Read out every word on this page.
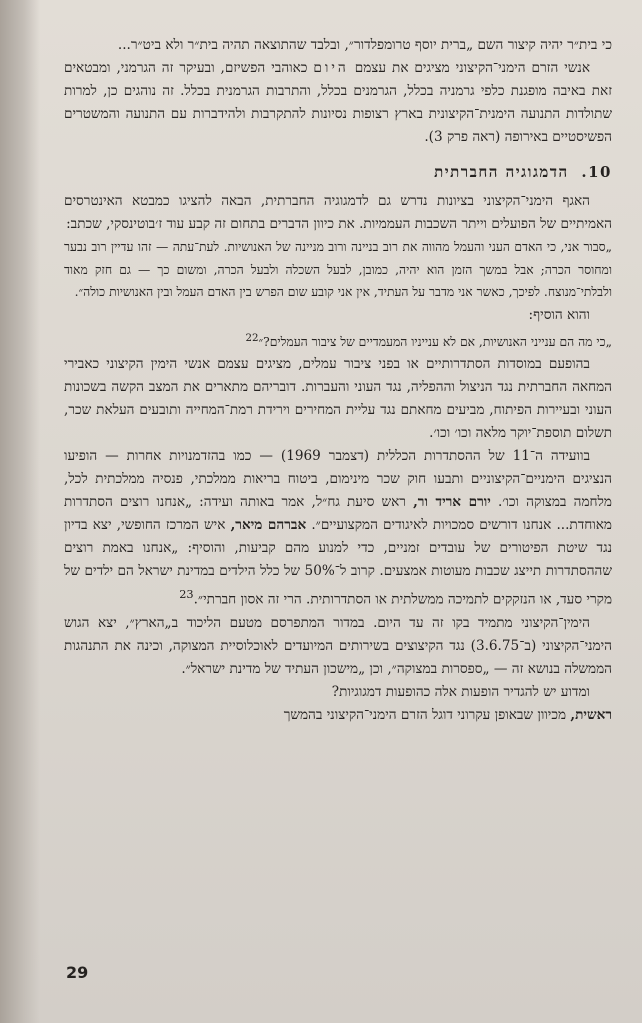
כי בית״ר יהיה קיצור השם „ברית יוסף טרומפלדור״, ובלבד שהתוצאה תהיה בית״ר ולא ביט״ר...

אנשי הזרם הימני־הקיצוני מציגים את עצמם היום כאוהבי הפשיזם, ובעיקר זה הגרמני, ומבטאים זאת באיבה מופגנת כלפי גרמניה בכלל, הגרמנים בכלל, והתרבות הגרמנית בכלל. זה נוהגים כן, למרות שתולדות התנועה הימנית־הקיצונית בארץ רצופות נסיונות להתקרבות ולהידברות עם התנועה והמשטרים הפשיסטיים באירופה (ראה פרק 3).

10. הדמגוגיה החברתית

האגף הימני־הקיצוני בציונות נדרש גם לדמגוגיה החברתית, הבאה להציגו כמבטא האינטרסים האמיתיים של הפועלים וייתר השכבות העממיות. את כיוון הדברים בתחום זה קבע עוד ז׳בוטינסקי, שכתב:

„סבור אני, כי האדם העני והעמל מהווה את רוב בניינה ורוב מניינה של האנושיות. לעת־עתה — זהו עדיין רוב נבער ומחוסר הכרה; אבל במשך הזמן הוא יהיה, כמובן, לבעל השכלה ולבעל הכרה, ומשום כך — גם חזק מאוד ולבלתי־מנוצח. לפיכך, כאשר אני מדבר על העתיד, אין אני קובע שום הפרש בין האדם העמל ובין האנושיות כולה״.

והוא הוסיף:

„כי מה הם ענייני האנושיות, אם לא ענייניו המעמדיים של ציבור העמלים?״$^{22}$

בהופעם במוסדות הסתדרותיים או בפני ציבור עמלים, מציגים עצמם אנשי הימין הקיצוני כאבירי המחאה החברתית נגד הניצול וההפליה, נגד העוני והעברות. דובריהם מתארים את המצב הקשה בשכונות העוני ובעיירות הפיתוח, מביעים מחאתם נגד עליית המחירים וירידת רמת־המחייה ותובעים העלאת שכר, תשלום תוספת־יוקר מלאה וכו׳ וכו׳.

בוועידה ה־11 של ההסתדרות הכללית (דצמבר 1969) — כמו בהזדמנויות אחרות — הופיעו הנציגים הימניים־הקיצוניים ותבעו חוק שכר מינימום, ביטוח בריאות ממלכתי, פנסיה ממלכתית לכל, מלחמה במצוקה וכו׳. יורם אריד ור, ראש סיעת גח״ל, אמר באותה ועידה: „אנחנו רוצים הסתדרות מאוחדת... אנחנו דורשים סמכויות לאיגודים המקצועיים״. אברהם מיאר, איש המרכז החופשי, יצא בדיון נגד שיטת הפיטורים של עובדים זמניים, כדי למנוע מהם קביעות, והוסיף: „אנחנו באמת רוצים שההסתדרות תייצג שכבות מעוטות אמצעים. קרוב ל־50% של כלל הילדים במדינת ישראל הם ילדים של מקרי סעד, או הנזקקים לתמיכה ממשלתית או הסתדרותית. הרי זה אסון חברתי״.$^{23}$

הימין־הקיצוני מתמיד בקו זה עד היום. במדור המתפרסם מטעם הליכוד ב„הארץ״, יצא הגוש הימני־הקיצוני (ב־3.6.75) נגד הקיצוצים בשירותים המיועדים לאוכלוסיית המצוקה, וכינה את התנהגות הממשלה בנושא זה — „ספסרות במצוקה״, וכן „מישכון העתיד של מדינת ישראל״.

ומדוע יש להגדיר הופעות אלה כהופעות דמגוגיות?

ראשית, מכיוון שבאופן עקרוני דוגל הזרם הימני־הקיצוני בהמשך

29
